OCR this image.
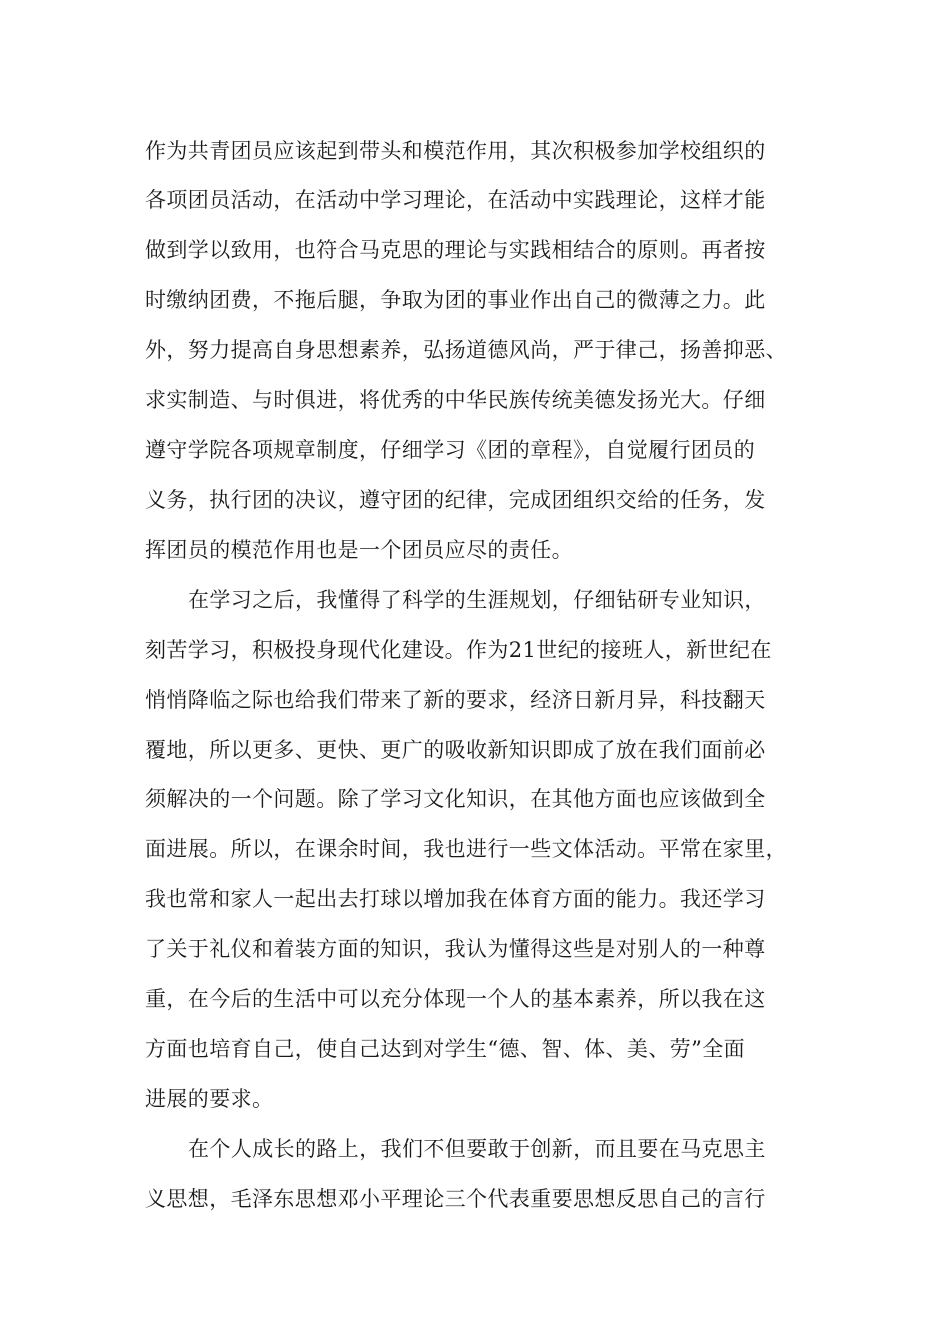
作为共青团员应该起到带头和模范作用，其次积极参加学校组织的
各项团员活动，在活动中学习理论，在活动中实践理论，这样才能
做到学以致用，也符合马克思的理论与实践相结合的原则。再者按
时缴纳团费，不拖后腿，争取为团的事业作出自己的微薄之力。此
外，努力提高自身思想素养，弘扬道德风尚，严于律己，扬善抑恶、
求实制造、与时俱进，将优秀的中华民族传统美德发扬光大。仔细
遵守学院各项规章制度，仔细学习《团的章程》，自觉履行团员的
义务，执行团的决议，遵守团的纪律，完成团组织交给的任务，发
挥团员的模范作用也是一个团员应尽的责任。
在学习之后，我懂得了科学的生涯规划，仔细钻研专业知识，
刻苦学习，积极投身现代化建设。作为21世纪的接班人，新世纪在
悄悄降临之际也给我们带来了新的要求，经济日新月异，科技翻天
覆地，所以更多、更快、更广的吸收新知识即成了放在我们面前必
须解决的一个问题。除了学习文化知识，在其他方面也应该做到全
面进展。所以，在课余时间，我也进行一些文体活动。平常在家里，
我也常和家人一起出去打球以增加我在体育方面的能力。我还学习
了关于礼仪和着装方面的知识，我认为懂得这些是对别人的一种尊
重，在今后的生活中可以充分体现一个人的基本素养，所以我在这
方面也培育自己，使自己达到对学生“德、智、体、美、劳”全面
进展的要求。
在个人成长的路上，我们不但要敢于创新，而且要在马克思主
义思想，毛泽东思想邓小平理论三个代表重要思想反思自己的言行
